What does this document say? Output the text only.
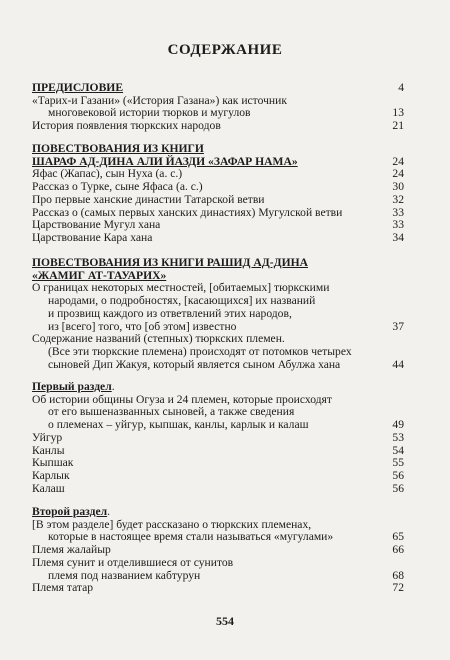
СОДЕРЖАНИЕ
ПРЕДИСЛОВИЕ	4
«Тарих-и Газани» («История Газана») как источник
многовековой истории тюрков и мугулов	13
История появления тюркских народов	21
ПОВЕСТВОВАНИЯ ИЗ КНИГИ
ШАРАФ АД-ДИНА АЛИ ЙАЗДИ «ЗАФАР НАМА»	24
Яфас (Жапас), сын Нуха (а. с.)	24
Рассказ о Турке, сыне Яфаса (а. с.)	30
Про первые ханские династии Татарской ветви	32
Рассказ о (самых первых ханских династиях) Мугулской ветви	33
Царствование Мугул хана	33
Царствование Кара хана	34
ПОВЕСТВОВАНИЯ ИЗ КНИГИ РАШИД АД-ДИНА
«ЖАМИГ АТ-ТАУАРИХ»
О границах некоторых местностей, [обитаемых] тюркскими
народами, о подробностях, [касающихся] их названий
и прозвищ каждого из ответвлений этих народов,
из [всего] того, что [об этом] известно	37
Содержание названий (степных) тюркских племен.
(Все эти тюркские племена) происходят от потомков четырех
сыновей Дип Жакуя, который является сыном Абулжа хана	44
Первый раздел.
Об истории общины Огуза и 24 племен, которые происходят
от его вышеназванных сыновей, а также сведения
о племенах – уйгур, кыпшак, канлы, карлык и калаш	49
Уйгур	53
Канлы	54
Кыпшак	55
Карлык	56
Калаш	56
Второй раздел.
[В этом разделе] будет рассказано о тюркских племенах,
которые в настоящее время стали называться «мугулами»	65
Племя жалайыр	66
Племя сунит и отделившиеся от сунитов
племя под названием кабтурун	68
Племя татар	72
554
